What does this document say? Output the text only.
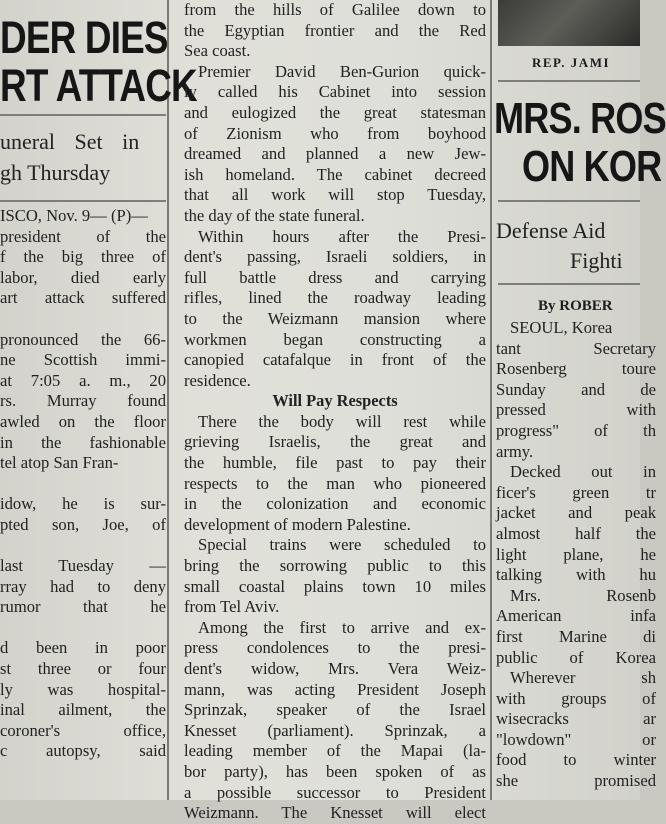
DER DIES
RT ATTACK
uneral Set in
gh Thursday
ISCO, Nov. 9— (P)—
president of the
f the big three of
labor, died early
art attack suffered

pronounced the 66-
ne Scottish immi-
at 7:05 a. m., 20
rs. Murray found
awled on the floor
in the fashionable
tel atop San Fran-

idow, he is sur-
pted son, Joe, of

last Tuesday —
rray had to deny
rumor that he

d been in poor
st three or four
ly was hospital-
inal ailment, the
coroner's office,
c autopsy, said
from the hills of Galilee down to
the Egyptian frontier and the Red
Sea coast.
Premier David Ben-Gurion quick-
ly called his Cabinet into session
and eulogized the great statesman
of Zionism who from boyhood
dreamed and planned a new Jew-
ish homeland. The cabinet decreed
that all work will stop Tuesday,
the day of the state funeral.
Within hours after the Presi-
dent's passing, Israeli soldiers, in
full battle dress and carrying
rifles, lined the roadway leading
to the Weizmann mansion where
workmen began constructing a
canopied catafalque in front of the
residence.
Will Pay Respects
There the body will rest while
grieving Israelis, the great and
the humble, file past to pay their
respects to the man who pioneered
in the colonization and economic
development of modern Palestine.
Special trains were scheduled to
bring the sorrowing public to this
small coastal plains town 10 miles
from Tel Aviv.
Among the first to arrive and ex-
press condolences to the presi-
dent's widow, Mrs. Vera Weiz-
mann, was acting President Joseph
Sprinzak, speaker of the Israel
Knesset (parliament). Sprinzak, a
leading member of the Mapai (la-
bor party), has been spoken of as
a possible successor to President
Weizmann. The Knesset will elect
REP. JAMI
MRS. ROS
ON KOR
Defense Aid
Fighti
By ROBER
SEOUL, Korea
tant Secretary
Rosenberg toure
Sunday and de
pressed with
progress" of th
army.
Decked out in
ficer's green tr
jacket and peak
almost half the
light plane, he
talking with hu
Mrs. Rosenb
American infa
first Marine di
public of Korea
Wherever sh
with groups of
wisecracks ar
"lowdown" or
food to winter
she promised
